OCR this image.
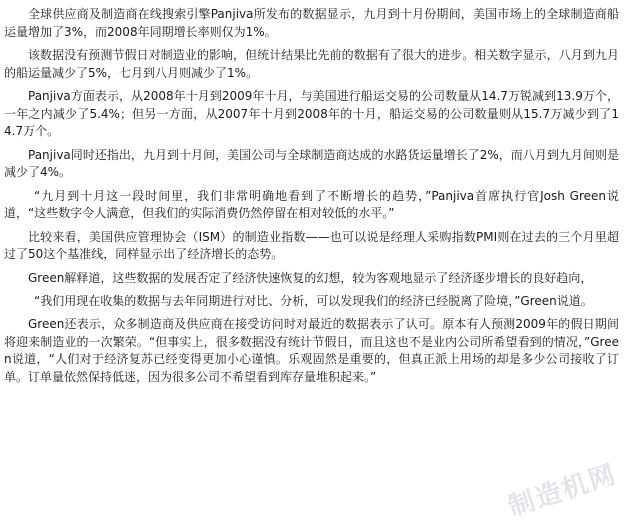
全球供应商及制造商在线搜索引擎Panjiva所发布的数据显示，九月到十月份期间，美国市场上的全球制造商船运量增加了3%，而2008年同期增长率则仅为1%。

该数据没有预测节假日对制造业的影响，但统计结果比先前的数据有了很大的进步。相关数字显示，八月到九月的船运量减少了5%，七月到八月则减少了1%。

Panjiva方面表示，从2008年十月到2009年十月，与美国进行船运交易的公司数量从14.7万锐减到13.9万个，一年之内减少了5.4%；但另一方面，从2007年十月到2008年的十月，船运交易的公司数量则从15.7万减少到了14.7万个。

Panjiva同时还指出，九月到十月间，美国公司与全球制造商达成的水路货运量增长了2%，而八月到九月间则是减少了4%。

“九月到十月这一段时间里，我们非常明确地看到了不断增长的趋势，”Panjiva首席执行官Josh Green说道，“这些数字令人满意，但我们的实际消费仍然停留在相对较低的水平。”

比较来看，美国供应管理协会（ISM）的制造业指数——也可以说是经理人采购指数PMI则在过去的三个月里超过了50这个基准线，同样显示出了经济增长的态势。

Green解释道，这些数据的发展否定了经济快速恢复的幻想，较为客观地显示了经济逐步增长的良好趋向，

“我们用现在收集的数据与去年同期进行对比、分析，可以发现我们的经济已经脱离了险境，”Green说道。

Green还表示，众多制造商及供应商在接受访问时对最近的数据表示了认可。原本有人预测2009年的假日期间将迎来制造业的一次繁荣。“但事实上，很多数据没有统计节假日，而且这也不是业内公司所希望看到的情况，”Green说道，“人们对于经济复苏已经变得更加小心谨慎。乐观固然是重要的，但真正派上用场的却是多少公司接收了订单。订单量依然保持低迷，因为很多公司不希望看到库存量堆积起来。”

制造机网
